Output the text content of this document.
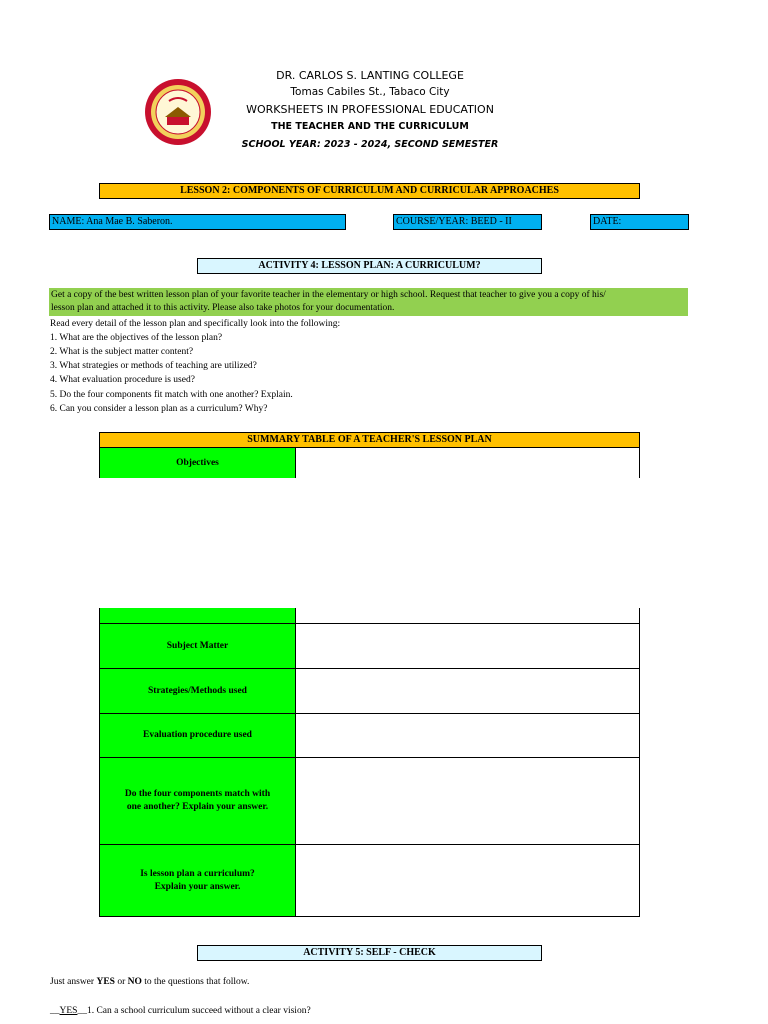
DR. CARLOS S. LANTING COLLEGE
Tomas Cabiles St., Tabaco City
WORKSHEETS IN PROFESSIONAL EDUCATION
THE TEACHER AND THE CURRICULUM
SCHOOL YEAR: 2023 - 2024, SECOND SEMESTER
LESSON 2: COMPONENTS OF CURRICULUM AND CURRICULAR APPROACHES
NAME: Ana Mae B. Saberon.	COURSE/YEAR: BEED - II	DATE:
ACTIVITY 4: LESSON PLAN: A CURRICULUM?
Get a copy of the best written lesson plan of your favorite teacher in the elementary or high school. Request that teacher to give you a copy of his/
lesson plan and attached it to this activity. Please also take photos for your documentation.
Read every detail of the lesson plan and specifically look into the following:
1. What are the objectives of the lesson plan?
2. What is the subject matter content?
3. What strategies or methods of teaching are utilized?
4. What evaluation procedure is used?
5. Do the four components fit match with one another? Explain.
6. Can you consider a lesson plan as a curriculum? Why?
SUMMARY TABLE OF A TEACHER'S LESSON PLAN
Objectives
Subject Matter
Strategies/Methods used
Evaluation procedure used
Do the four components match with
one another? Explain your answer.
Is lesson plan a curriculum?
Explain your answer.
ACTIVITY 5: SELF - CHECK
Just answer YES or NO to the questions that follow.
__YES__1. Can a school curriculum succeed without a clear vision?
